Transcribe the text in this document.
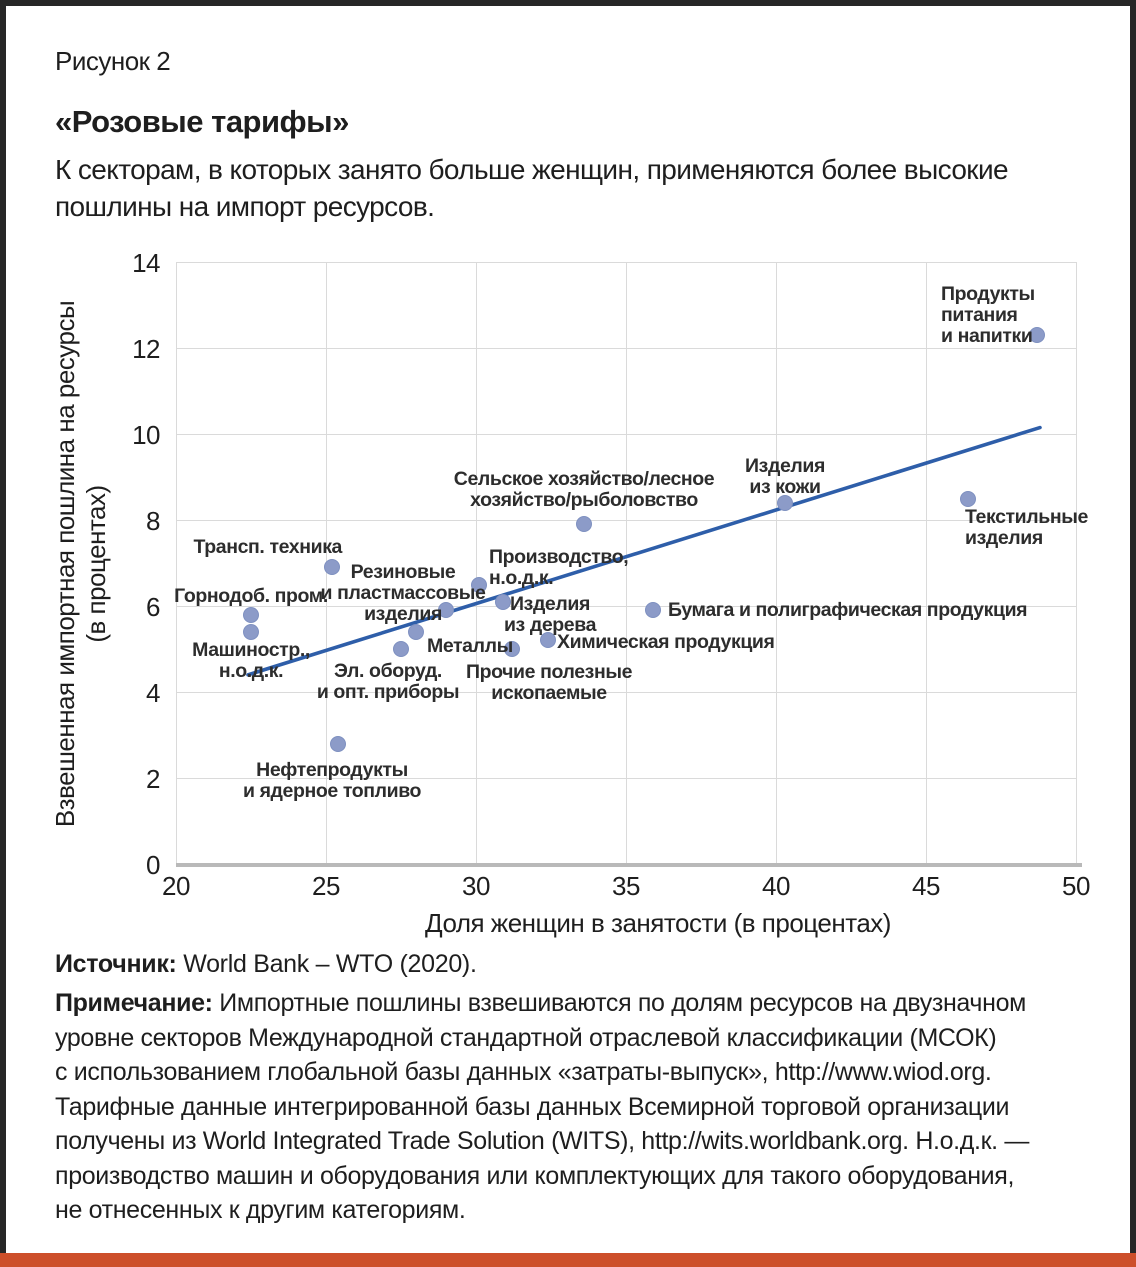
Рисунок 2
«Розовые тарифы»
К секторам, в которых занято больше женщин, применяются более высокие
пошлины на импорт ресурсов.
Взвешенная импортная пошлина на ресурсы (в процентах)
Доля женщин в занятости (в процентах)
0
2
4
6
8
10
12
14
20	25	30	35	40	45	50
Горнодоб. пром.
Машиностр.,
н.о.д.к.
Трансп. техника
Нефтепродукты
и ядерное топливо
Эл. оборуд.
и опт. приборы
Металлы
Резиновые
и пластмассовые
изделия
Производство,
н.о.д.к.
Изделия
из дерева
Прочие полезные
ископаемые
Химическая продукция
Сельское хозяйство/лесное
хозяйство/рыболовство
Бумага и полиграфическая продукция
Изделия
из кожи
Текстильные
изделия
Продукты
питания
и напитки
Источник: World Bank – WTO (2020).
Примечание: Импортные пошлины взвешиваются по долям ресурсов на двузначном
уровне секторов Международной стандартной отраслевой классификации (МСОК)
с использованием глобальной базы данных «затраты-выпуск», http://www.wiod.org.
Тарифные данные интегрированной базы данных Всемирной торговой организации
получены из World Integrated Trade Solution (WITS), http://wits.worldbank.org. Н.о.д.к. —
производство машин и оборудования или комплектующих для такого оборудования,
не отнесенных к другим категориям.
